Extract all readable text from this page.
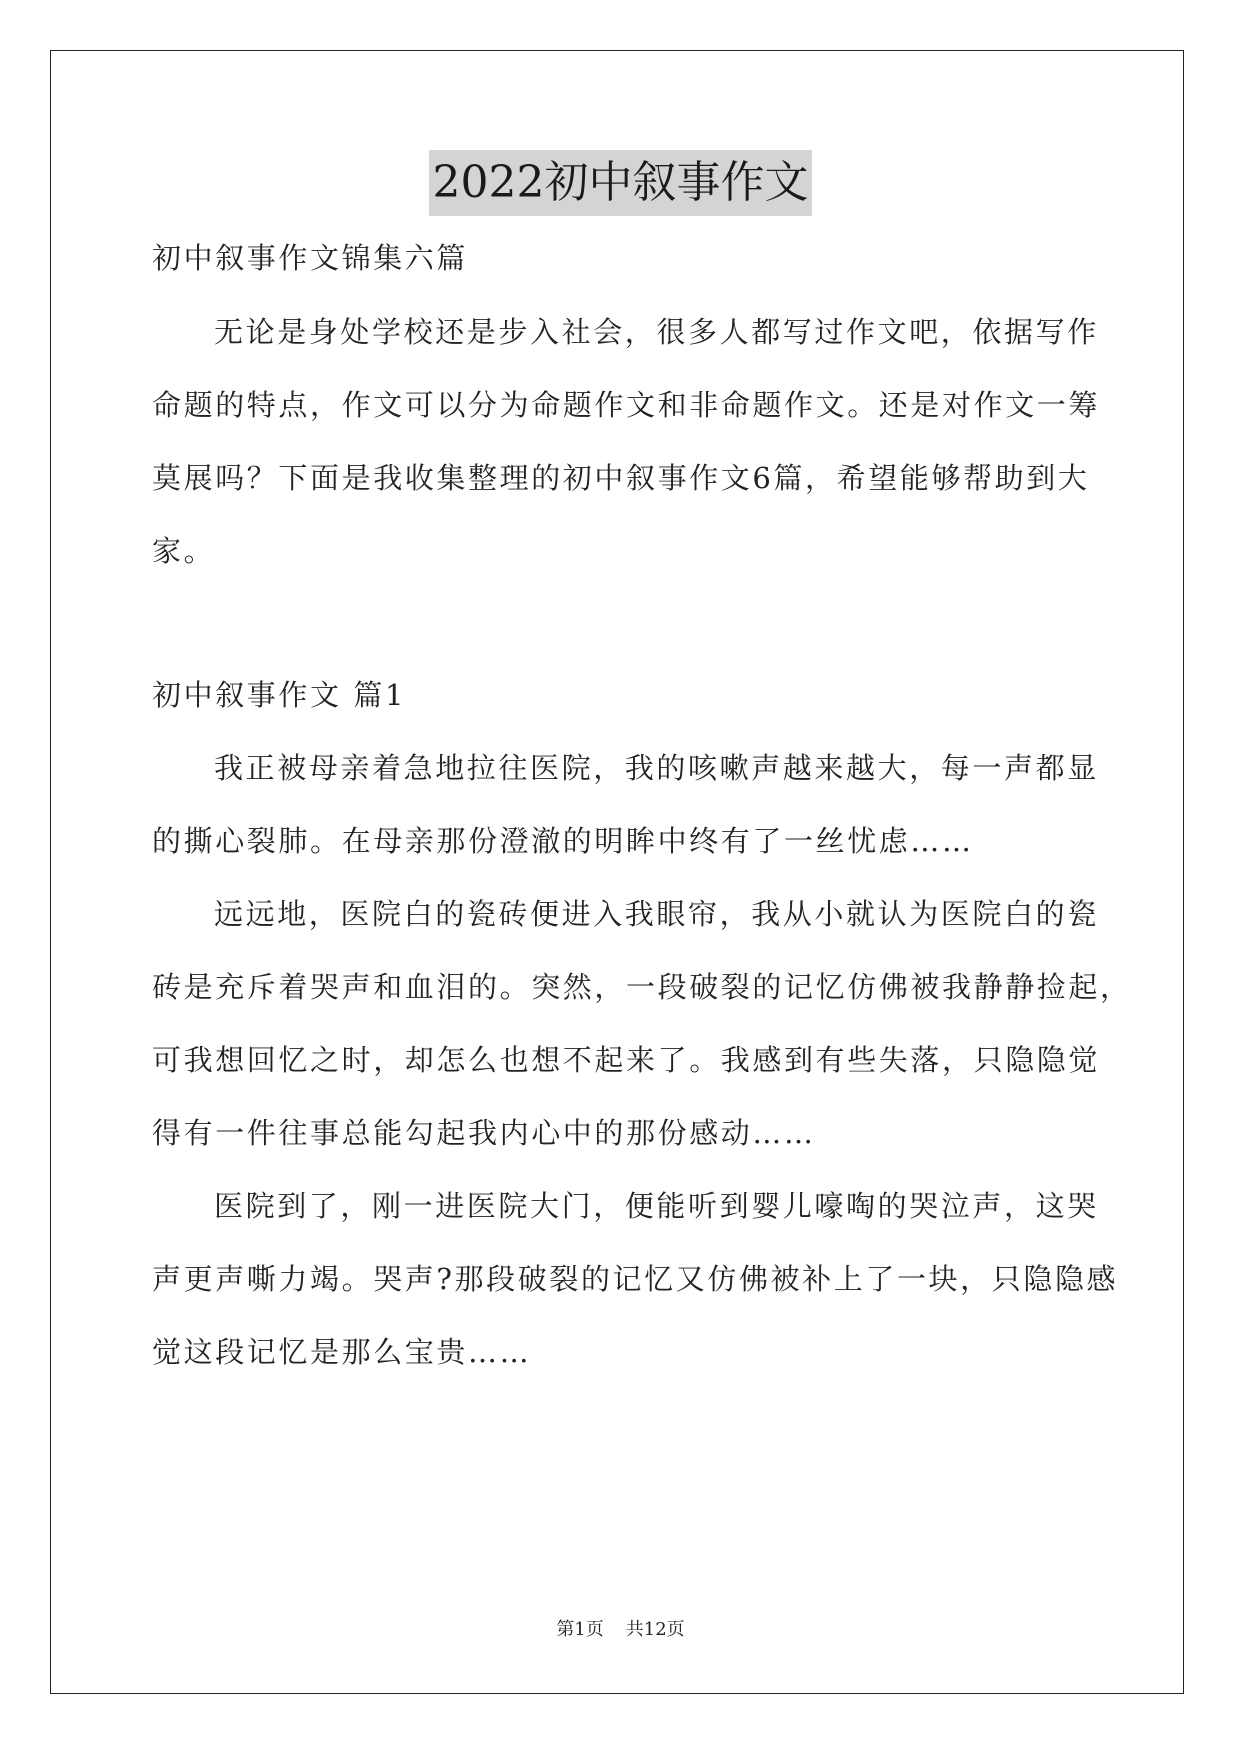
2022初中叙事作文
初中叙事作文锦集六篇
无论是身处学校还是步入社会，很多人都写过作文吧，依据写作
命题的特点，作文可以分为命题作文和非命题作文。还是对作文一筹
莫展吗？下面是我收集整理的初中叙事作文6篇，希望能够帮助到大
家。
初中叙事作文 篇1
我正被母亲着急地拉往医院，我的咳嗽声越来越大，每一声都显
的撕心裂肺。在母亲那份澄澈的明眸中终有了一丝忧虑……
远远地，医院白的瓷砖便进入我眼帘，我从小就认为医院白的瓷
砖是充斥着哭声和血泪的。突然，一段破裂的记忆仿佛被我静静捡起，
可我想回忆之时，却怎么也想不起来了。我感到有些失落，只隐隐觉
得有一件往事总能勾起我内心中的那份感动……
医院到了，刚一进医院大门，便能听到婴儿嚎啕的哭泣声，这哭
声更声嘶力竭。哭声?那段破裂的记忆又仿佛被补上了一块，只隐隐感
觉这段记忆是那么宝贵……
第1页 共12页
